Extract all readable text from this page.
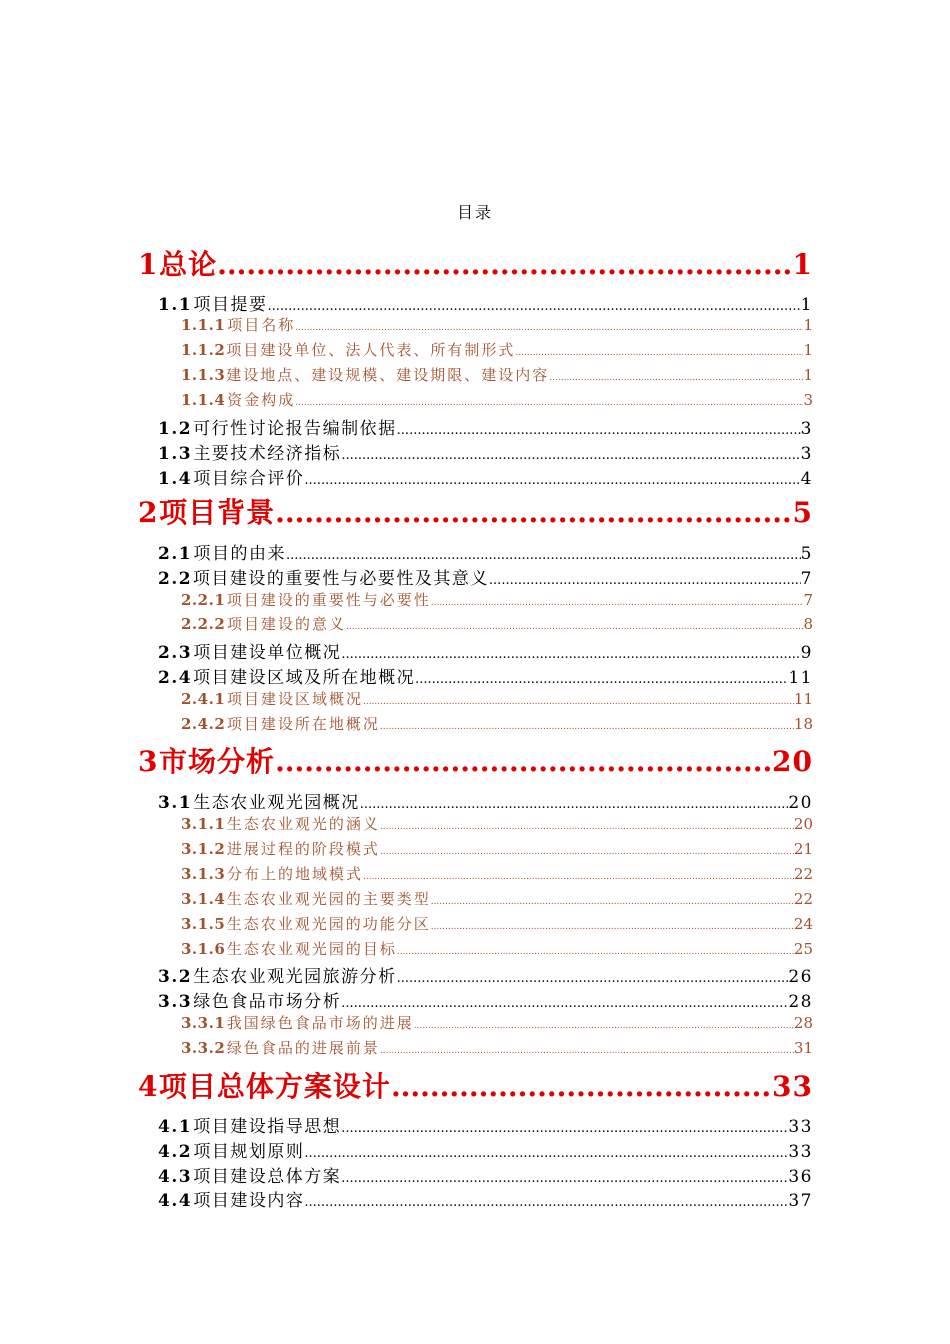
目录
1 总论 .....	1
1.1 项目提要 .....	1
1.1.1 项目名称 .....	1
1.1.2 项目建设单位、法人代表、所有制形式 .....	1
1.1.3 建设地点、建设规模、建设期限、建设内容 .....	1
1.1.4 资金构成 .....	3
1.2 可行性讨论报告编制依据 .....	3
1.3 主要技术经济指标 .....	3
1.4 项目综合评价 .....	4
2 项目背景 .....	5
2.1 项目的由来 .....	5
2.2 项目建设的重要性与必要性及其意义 .....	7
2.2.1 项目建设的重要性与必要性 .....	7
2.2.2 项目建设的意义 .....	8
2.3 项目建设单位概况 .....	9
2.4 项目建设区域及所在地概况 .....	11
2.4.1 项目建设区域概况 .....	11
2.4.2 项目建设所在地概况 .....	18
3 市场分析 .....	20
3.1 生态农业观光园概况 .....	20
3.1.1 生态农业观光的涵义 .....	20
3.1.2 进展过程的阶段模式 .....	21
3.1.3 分布上的地域模式 .....	22
3.1.4 生态农业观光园的主要类型 .....	22
3.1.5 生态农业观光园的功能分区 .....	24
3.1.6 生态农业观光园的目标 .....	25
3.2 生态农业观光园旅游分析 .....	26
3.3 绿色食品市场分析 .....	28
3.3.1 我国绿色食品市场的进展 .....	28
3.3.2 绿色食品的进展前景 .....	31
4 项目总体方案设计 .....	33
4.1 项目建设指导思想 .....	33
4.2 项目规划原则 .....	33
4.3 项目建设总体方案 .....	36
4.4 项目建设内容 .....	37
